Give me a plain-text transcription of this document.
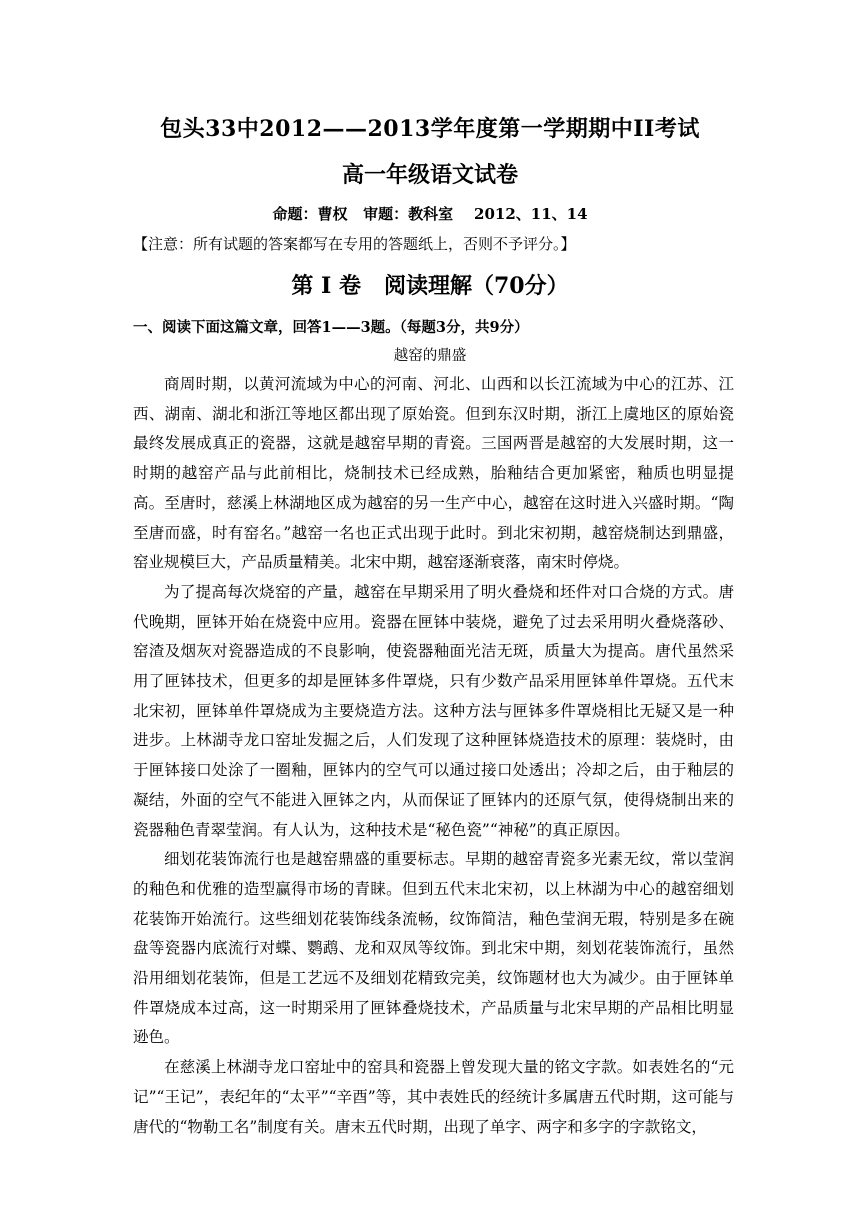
包头33中2012——2013学年度第一学期期中II考试
高一年级语文试卷
命题：曹权   审题：教科室    2012、11、14
【注意：所有试题的答案都写在专用的答题纸上，否则不予评分。】
第 I 卷   阅读理解（70分）
一、阅读下面这篇文章，回答1——3题。（每题3分，共9分）
越窑的鼎盛

商周时期，以黄河流域为中心的河南、河北、山西和以长江流域为中心的江苏、江西、湖南、湖北和浙江等地区都出现了原始瓷。但到东汉时期，浙江上虞地区的原始瓷最终发展成真正的瓷器，这就是越窑早期的青瓷。三国两晋是越窑的大发展时期，这一时期的越窑产品与此前相比，烧制技术已经成熟，胎釉结合更加紧密，釉质也明显提高。至唐时，慈溪上林湖地区成为越窑的另一生产中心，越窑在这时进入兴盛时期。“陶至唐而盛，时有窑名。”越窑一名也正式出现于此时。到北宋初期，越窑烧制达到鼎盛，窑业规模巨大，产品质量精美。北宋中期，越窑逐渐衰落，南宋时停烧。

为了提高每次烧窑的产量，越窑在早期采用了明火叠烧和坯件对口合烧的方式。唐代晚期，匣钵开始在烧瓷中应用。瓷器在匣钵中装烧，避免了过去采用明火叠烧落砂、窑渣及烟灰对瓷器造成的不良影响，使瓷器釉面光洁无斑，质量大为提高。唐代虽然采用了匣钵技术，但更多的却是匣钵多件罩烧，只有少数产品采用匣钵单件罩烧。五代末北宋初，匣钵单件罩烧成为主要烧造方法。这种方法与匣钵多件罩烧相比无疑又是一种进步。上林湖寺龙口窑址发掘之后，人们发现了这种匣钵烧造技术的原理：装烧时，由于匣钵接口处涂了一圈釉，匣钵内的空气可以通过接口处透出；冷却之后，由于釉层的凝结，外面的空气不能进入匣钵之内，从而保证了匣钵内的还原气氛，使得烧制出来的瓷器釉色青翠莹润。有人认为，这种技术是“秘色瓷”“神秘”的真正原因。

细划花装饰流行也是越窑鼎盛的重要标志。早期的越窑青瓷多光素无纹，常以莹润的釉色和优雅的造型赢得市场的青睐。但到五代末北宋初，以上林湖为中心的越窑细划花装饰开始流行。这些细划花装饰线条流畅，纹饰简洁，釉色莹润无瑕，特别是多在碗盘等瓷器内底流行对蝶、鹦鹉、龙和双凤等纹饰。到北宋中期，刻划花装饰流行，虽然沿用细划花装饰，但是工艺远不及细划花精致完美，纹饰题材也大为减少。由于匣钵单件罩烧成本过高，这一时期采用了匣钵叠烧技术，产品质量与北宋早期的产品相比明显逊色。

在慈溪上林湖寺龙口窑址中的窑具和瓷器上曾发现大量的铭文字款。如表姓名的“元记”“王记”，表纪年的“太平”“辛酉”等，其中表姓氏的经统计多属唐五代时期，这可能与唐代的“物勒工名”制度有关。唐末五代时期，出现了单字、两字和多字的字款铭文，
